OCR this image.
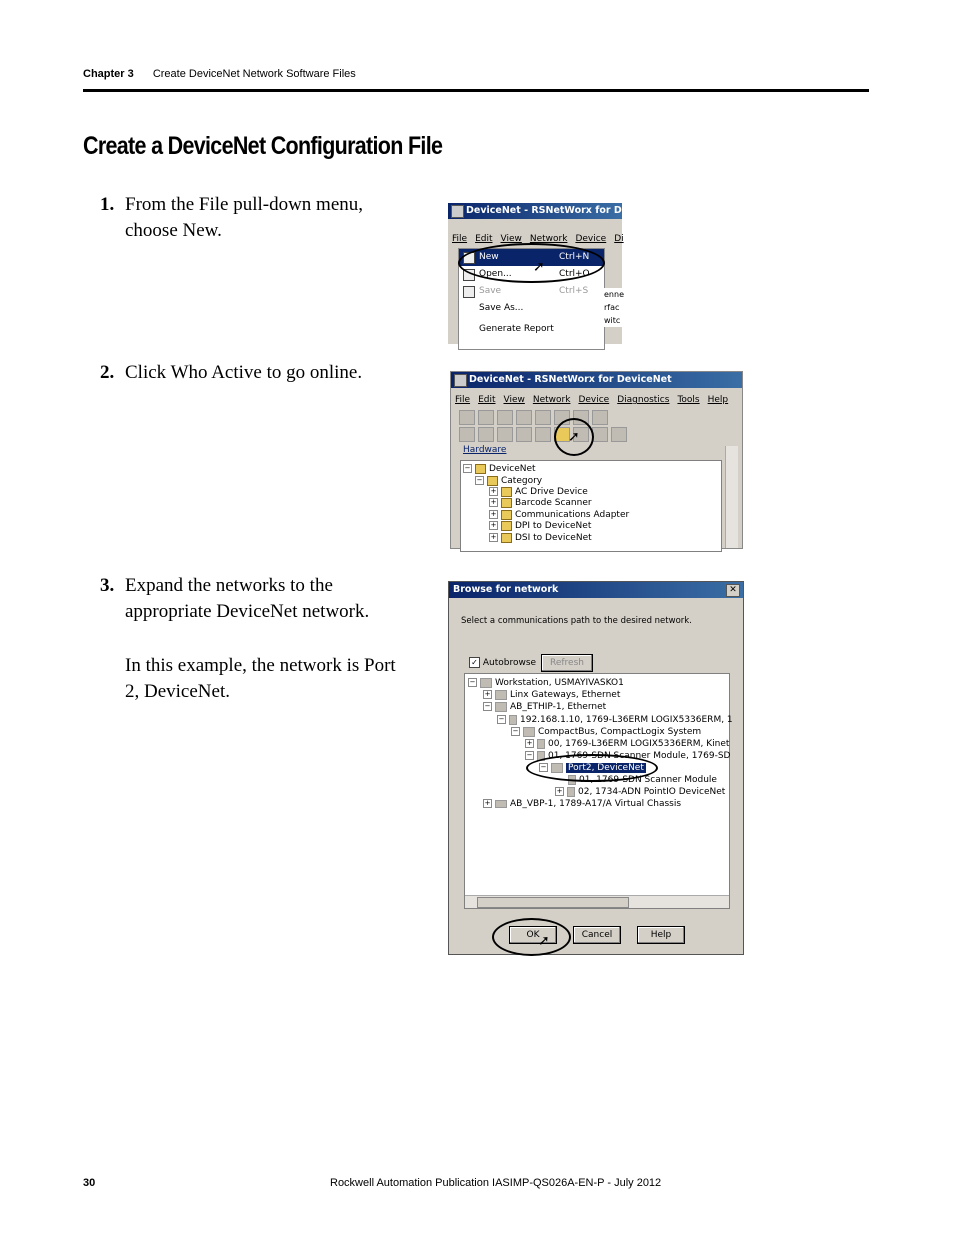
Chapter 3 Create DeviceNet Network Software Files
Create a DeviceNet Configuration File
1. From the File pull-down menu, choose New.
2. Click Who Active to go online.
3. Expand the networks to the appropriate DeviceNet network.
In this example, the network is Port 2, DeviceNet.
DeviceNet - RSNetWorx for De
File Edit View Network Device Di
New	Ctrl+N
Open...	Ctrl+O
Save	Ctrl+S
Save As...
Generate Report
enne
rfac
witc
➚
DeviceNet - RSNetWorx for DeviceNet
File Edit View Network Device Diagnostics Tools Help
Hardware
− DeviceNet
− Category
+ AC Drive Device
+ Barcode Scanner
+ Communications Adapter
+ DPI to DeviceNet
+ DSI to DeviceNet
➚
Browse for network	✕
Select a communications path to the desired network.
✓ Autobrowse	Refresh
− Workstation, USMAYIVASKO1
+ Linx Gateways, Ethernet
− AB_ETHIP-1, Ethernet
− 192.168.1.10, 1769-L36ERM LOGIX5336ERM, 1
− CompactBus, CompactLogix System
+ 00, 1769-L36ERM LOGIX5336ERM, Kinet
− 01, 1769-SDN Scanner Module, 1769-SD
− Port2, DeviceNet
01, 1769-SDN Scanner Module
+ 02, 1734-ADN PointIO DeviceNet
+ AB_VBP-1, 1789-A17/A Virtual Chassis
OK	Cancel	Help
➚
30	Rockwell Automation Publication IASIMP-QS026A-EN-P - July 2012
